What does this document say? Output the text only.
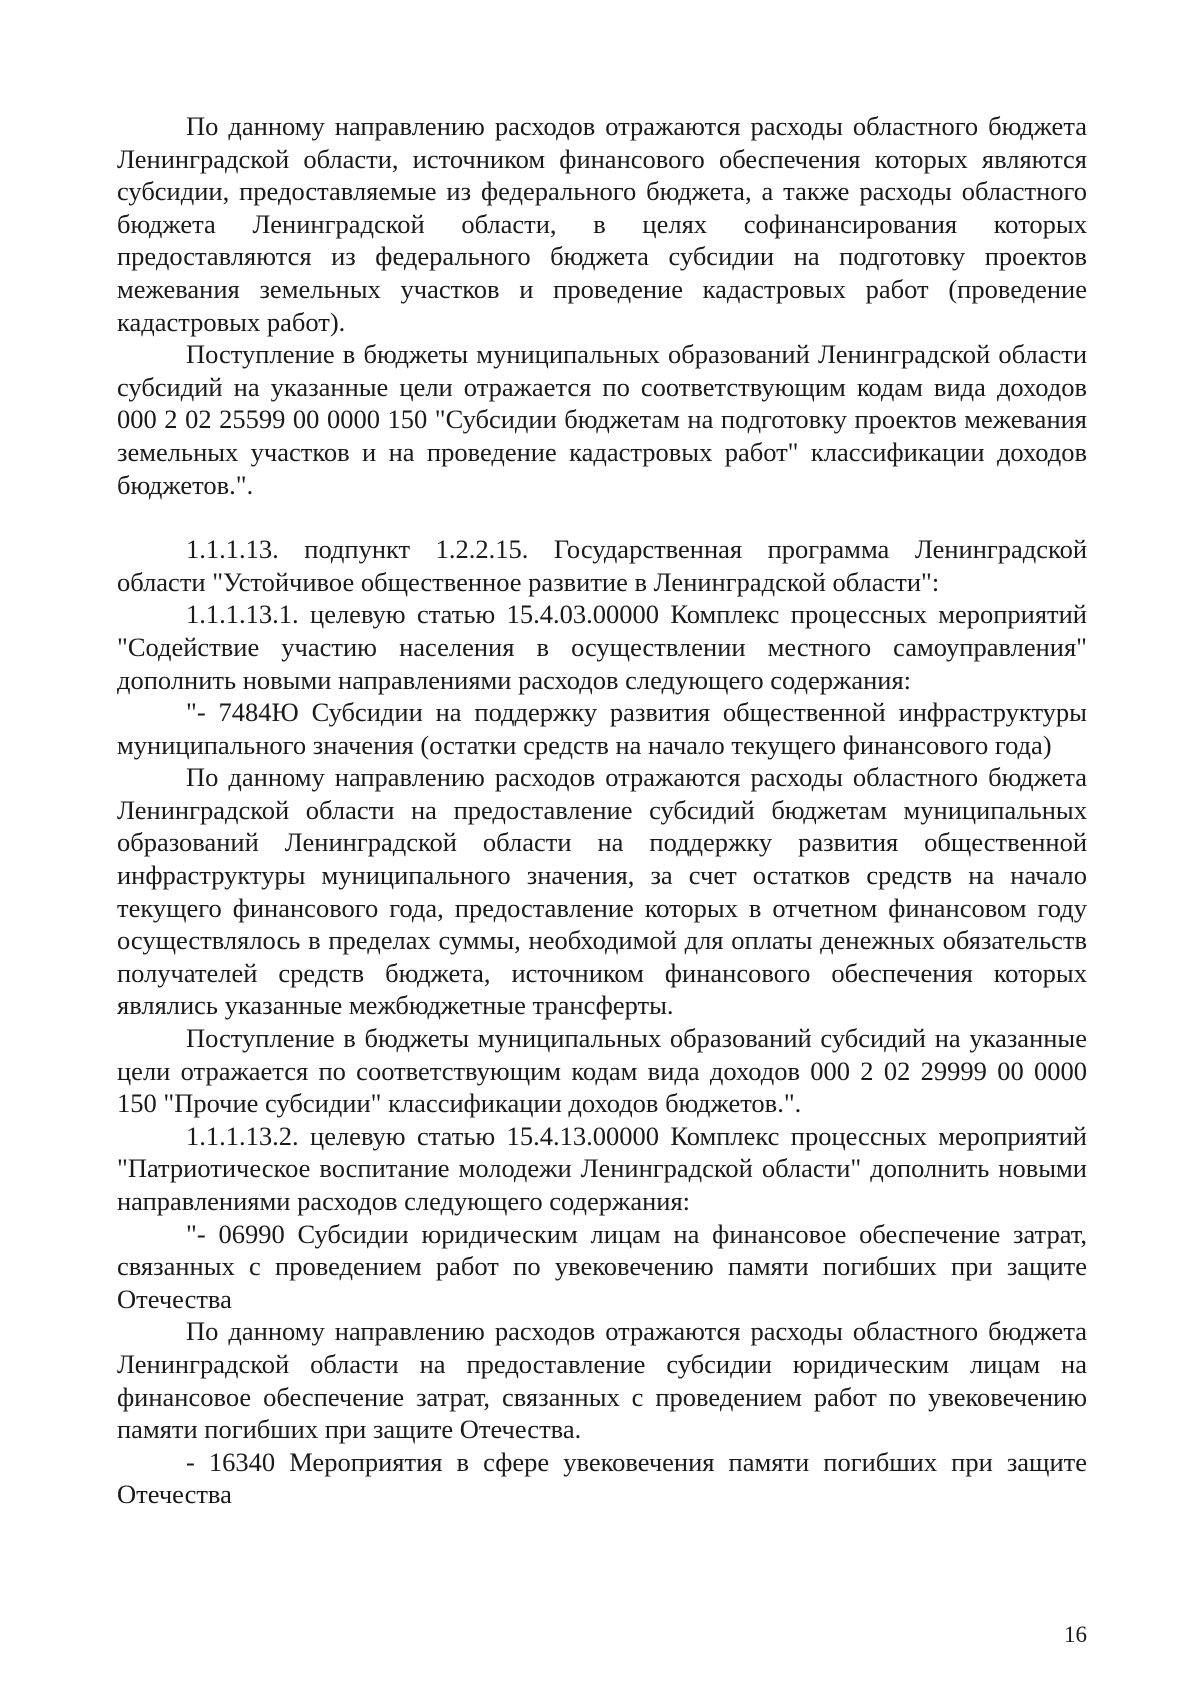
По данному направлению расходов отражаются расходы областного бюджета Ленинградской области, источником финансового обеспечения которых являются субсидии, предоставляемые из федерального бюджета, а также расходы областного бюджета Ленинградской области, в целях софинансирования которых предоставляются из федерального бюджета субсидии на подготовку проектов межевания земельных участков и проведение кадастровых работ (проведение кадастровых работ).

Поступление в бюджеты муниципальных образований Ленинградской области субсидий на указанные цели отражается по соответствующим кодам вида доходов 000 2 02 25599 00 0000 150 "Субсидии бюджетам на подготовку проектов межевания земельных участков и на проведение кадастровых работ" классификации доходов бюджетов.".

1.1.1.13. подпункт 1.2.2.15. Государственная программа Ленинградской области "Устойчивое общественное развитие в Ленинградской области":

1.1.1.13.1. целевую статью 15.4.03.00000 Комплекс процессных мероприятий "Содействие участию населения в осуществлении местного самоуправления" дополнить новыми направлениями расходов следующего содержания:

"- 7484Ю Субсидии на поддержку развития общественной инфраструктуры муниципального значения (остатки средств на начало текущего финансового года)

По данному направлению расходов отражаются расходы областного бюджета Ленинградской области на предоставление субсидий бюджетам муниципальных образований Ленинградской области на поддержку развития общественной инфраструктуры муниципального значения, за счет остатков средств на начало текущего финансового года, предоставление которых в отчетном финансовом году осуществлялось в пределах суммы, необходимой для оплаты денежных обязательств получателей средств бюджета, источником финансового обеспечения которых являлись указанные межбюджетные трансферты.

Поступление в бюджеты муниципальных образований субсидий на указанные цели отражается по соответствующим кодам вида доходов 000 2 02 29999 00 0000 150 "Прочие субсидии" классификации доходов бюджетов.".

1.1.1.13.2. целевую статью 15.4.13.00000 Комплекс процессных мероприятий "Патриотическое воспитание молодежи Ленинградской области" дополнить новыми направлениями расходов следующего содержания:

"- 06990 Субсидии юридическим лицам на финансовое обеспечение затрат, связанных с проведением работ по увековечению памяти погибших при защите Отечества

По данному направлению расходов отражаются расходы областного бюджета Ленинградской области на предоставление субсидии юридическим лицам на финансовое обеспечение затрат, связанных с проведением работ по увековечению памяти погибших при защите Отечества.

- 16340 Мероприятия в сфере увековечения памяти погибших при защите Отечества

16
